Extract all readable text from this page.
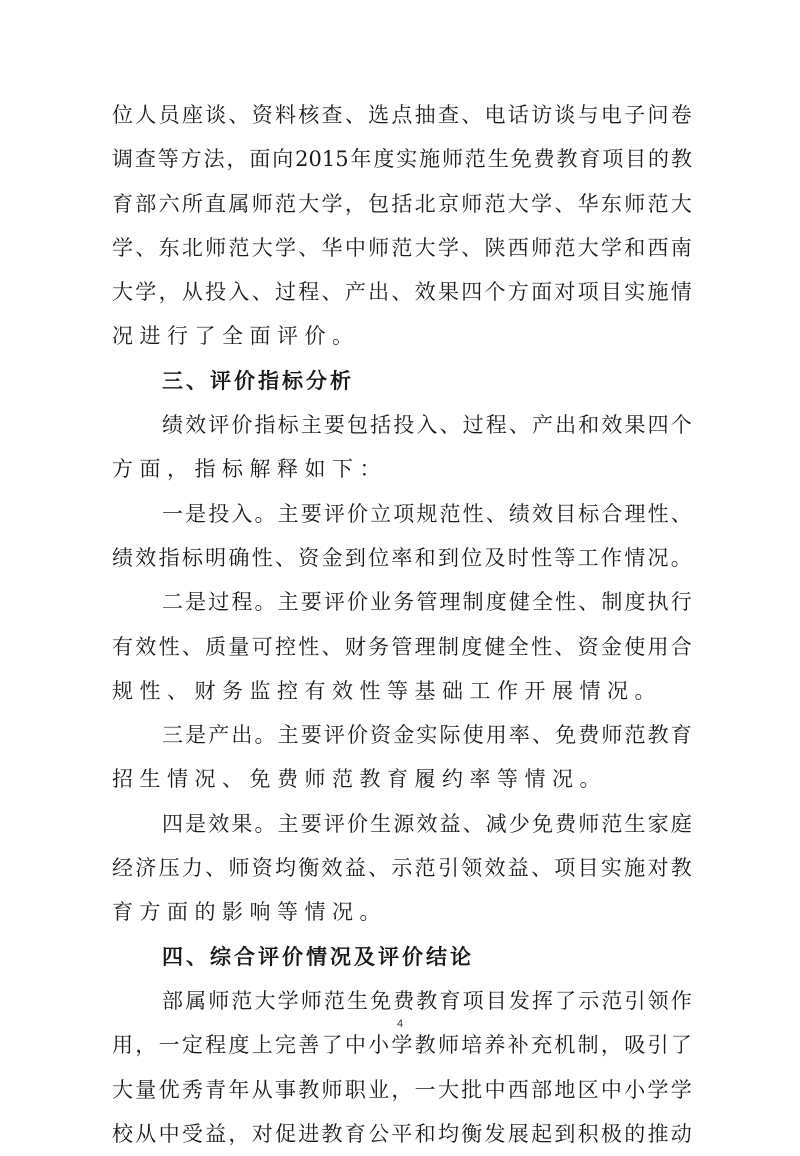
位 人 员 座 谈 、 资 料 核 查 、 选 点 抽 查 、 电 话 访 谈 与 电 子 问 卷
调 查 等 方 法 ， 面 向 2015 年 度 实 施 师 范 生 免 费 教 育 项 目 的 教
育 部 六 所 直 属 师 范 大 学 ， 包 括 北 京 师 范 大 学 、 华 东 师 范 大
学 、 东 北 师 范 大 学 、 华 中 师 范 大 学 、 陕 西 师 范 大 学 和 西 南
大 学 ， 从 投 入 、 过 程 、 产 出 、 效 果 四 个 方 面 对 项 目 实 施 情
况进行了全面评价。
三、评价指标分析
绩 效 评 价 指 标 主 要 包 括 投 入 、 过 程 、 产 出 和 效 果 四 个
方面，指标解释如下：
一 是 投 入 。 主 要 评 价 立 项 规 范 性 、 绩 效 目 标 合 理 性 、
绩 效 指 标 明 确 性 、 资 金 到 位 率 和 到 位 及 时 性 等 工 作 情 况 。
二 是 过 程 。 主 要 评 价 业 务 管 理 制 度 健 全 性 、 制 度 执 行
有 效 性 、 质 量 可 控 性 、 财 务 管 理 制 度 健 全 性 、 资 金 使 用 合
规性、财务监控有效性等基础工作开展情况。
三 是 产 出 。 主 要 评 价 资 金 实 际 使 用 率 、 免 费 师 范 教 育
招生情况、免费师范教育履约率等情况。
四 是 效 果 。 主 要 评 价 生 源 效 益 、 减 少 免 费 师 范 生 家 庭
经 济 压 力 、 师 资 均 衡 效 益 、 示 范 引 领 效 益 、 项 目 实 施 对 教
育方面的影响等情况。
四、综合评价情况及评价结论
部 属 师 范 大 学 师 范 生 免 费 教 育 项 目 发 挥 了 示 范 引 领 作
用 ， 一 定 程 度 上 完 善 了 中 小 学 教 师 培 养 补 充 机 制 ， 吸 引 了
大 量 优 秀 青 年 从 事 教 师 职 业 ， 一 大 批 中 西 部 地 区 中 小 学 学
校 从 中 受 益 ， 对 促 进 教 育 公 平 和 均 衡 发 展 起 到 积 极 的 推 动
4
